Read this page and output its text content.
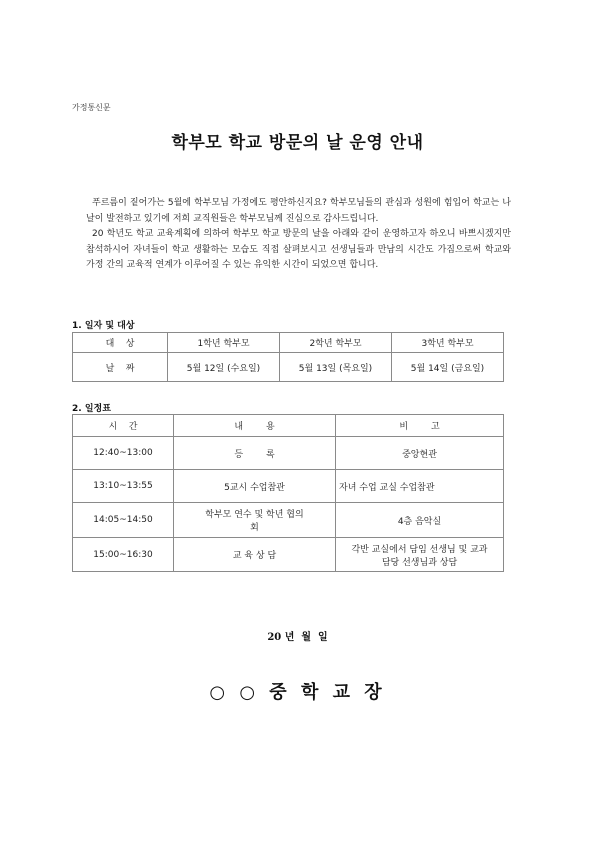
가정통신문
학부모 학교 방문의 날 운영 안내

푸르름이 짙어가는 5월에 학부모님 가정에도 평안하신지요? 학부모님들의 관심과 성원에 힘입어 학교는 나날이 발전하고 있기에 저희 교직원들은 학부모님께 진심으로 감사드립니다.

20 학년도 학교 교육계획에 의하여 학부모 학교 방문의 날을 아래와 같이 운영하고자 하오니 바쁘시겠지만 참석하시어 자녀들이 학교 생활하는 모습도 직접 살펴보시고 선생님들과 만남의 시간도 가짐으로써 학교와 가정 간의 교육적 연계가 이루어질 수 있는 유익한 시간이 되었으면 합니다.

1. 일자 및 대상
대    상	1학년 학부모	2학년 학부모	3학년 학부모
날    짜	5월 12일 (수요일)	5월 13일 (목요일)	5월 14일 (금요일)
2. 일정표
시    간	내        용	비        고
12:40~13:00	등        록	중앙현관
13:10~13:55	5교시 수업참관	자녀 수업 교실 수업참관
14:05~14:50	학부모 연수 및 학년 협의회	4층 음악실
15:00~16:30	교 육 상 담	각반 교실에서 담임 선생님 및 교과 담당 선생님과 상담
20 년  월  일
○ ○ 중 학 교 장
